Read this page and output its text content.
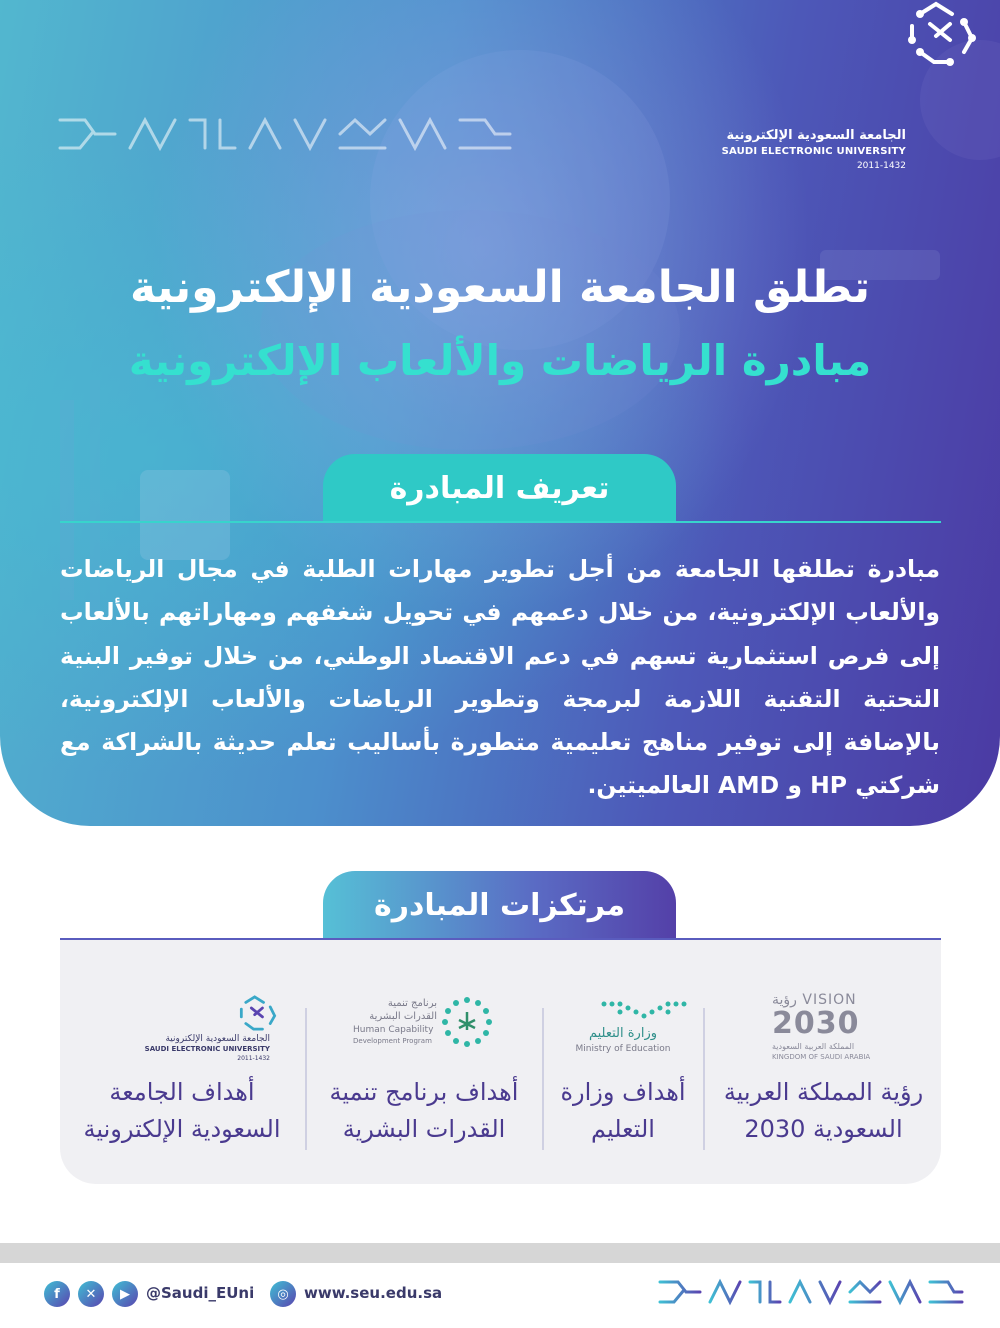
الجامعة السعودية الإلكترونية
SAUDI ELECTRONIC UNIVERSITY
2011-1432
تطلق الجامعة السعودية الإلكترونية
مبادرة الرياضات والألعاب الإلكترونية
تعريف المبادرة
مبادرة تطلقها الجامعة من أجل تطوير مهارات الطلبة في مجال الرياضات والألعاب الإلكترونية، من خلال دعمهم في تحويل شغفهم ومهاراتهم بالألعاب إلى فرص استثمارية تسهم في دعم الاقتصاد الوطني، من خلال توفير البنية التحتية التقنية اللازمة لبرمجة وتطوير الرياضات والألعاب الإلكترونية، بالإضافة إلى توفير مناهج تعليمية متطورة بأساليب تعلم حديثة بالشراكة مع شركتي HP و AMD العالميتين.
مرتكزات المبادرة
VISION رؤية
2030
المملكة العربية السعودية
KINGDOM OF SAUDI ARABIA
رؤية المملكة العربية
السعودية 2030
وزارة التعليم
Ministry of Education
أهداف وزارة
التعليم
برنامج تنمية
القدرات البشرية
Human Capability
Development Program
أهداف برنامج تنمية
القدرات البشرية
الجامعة السعودية الإلكترونية
SAUDI ELECTRONIC UNIVERSITY
2011-1432
أهداف الجامعة
السعودية الإلكترونية
f	✕	▶	@Saudi_EUni	◎	www.seu.edu.sa
